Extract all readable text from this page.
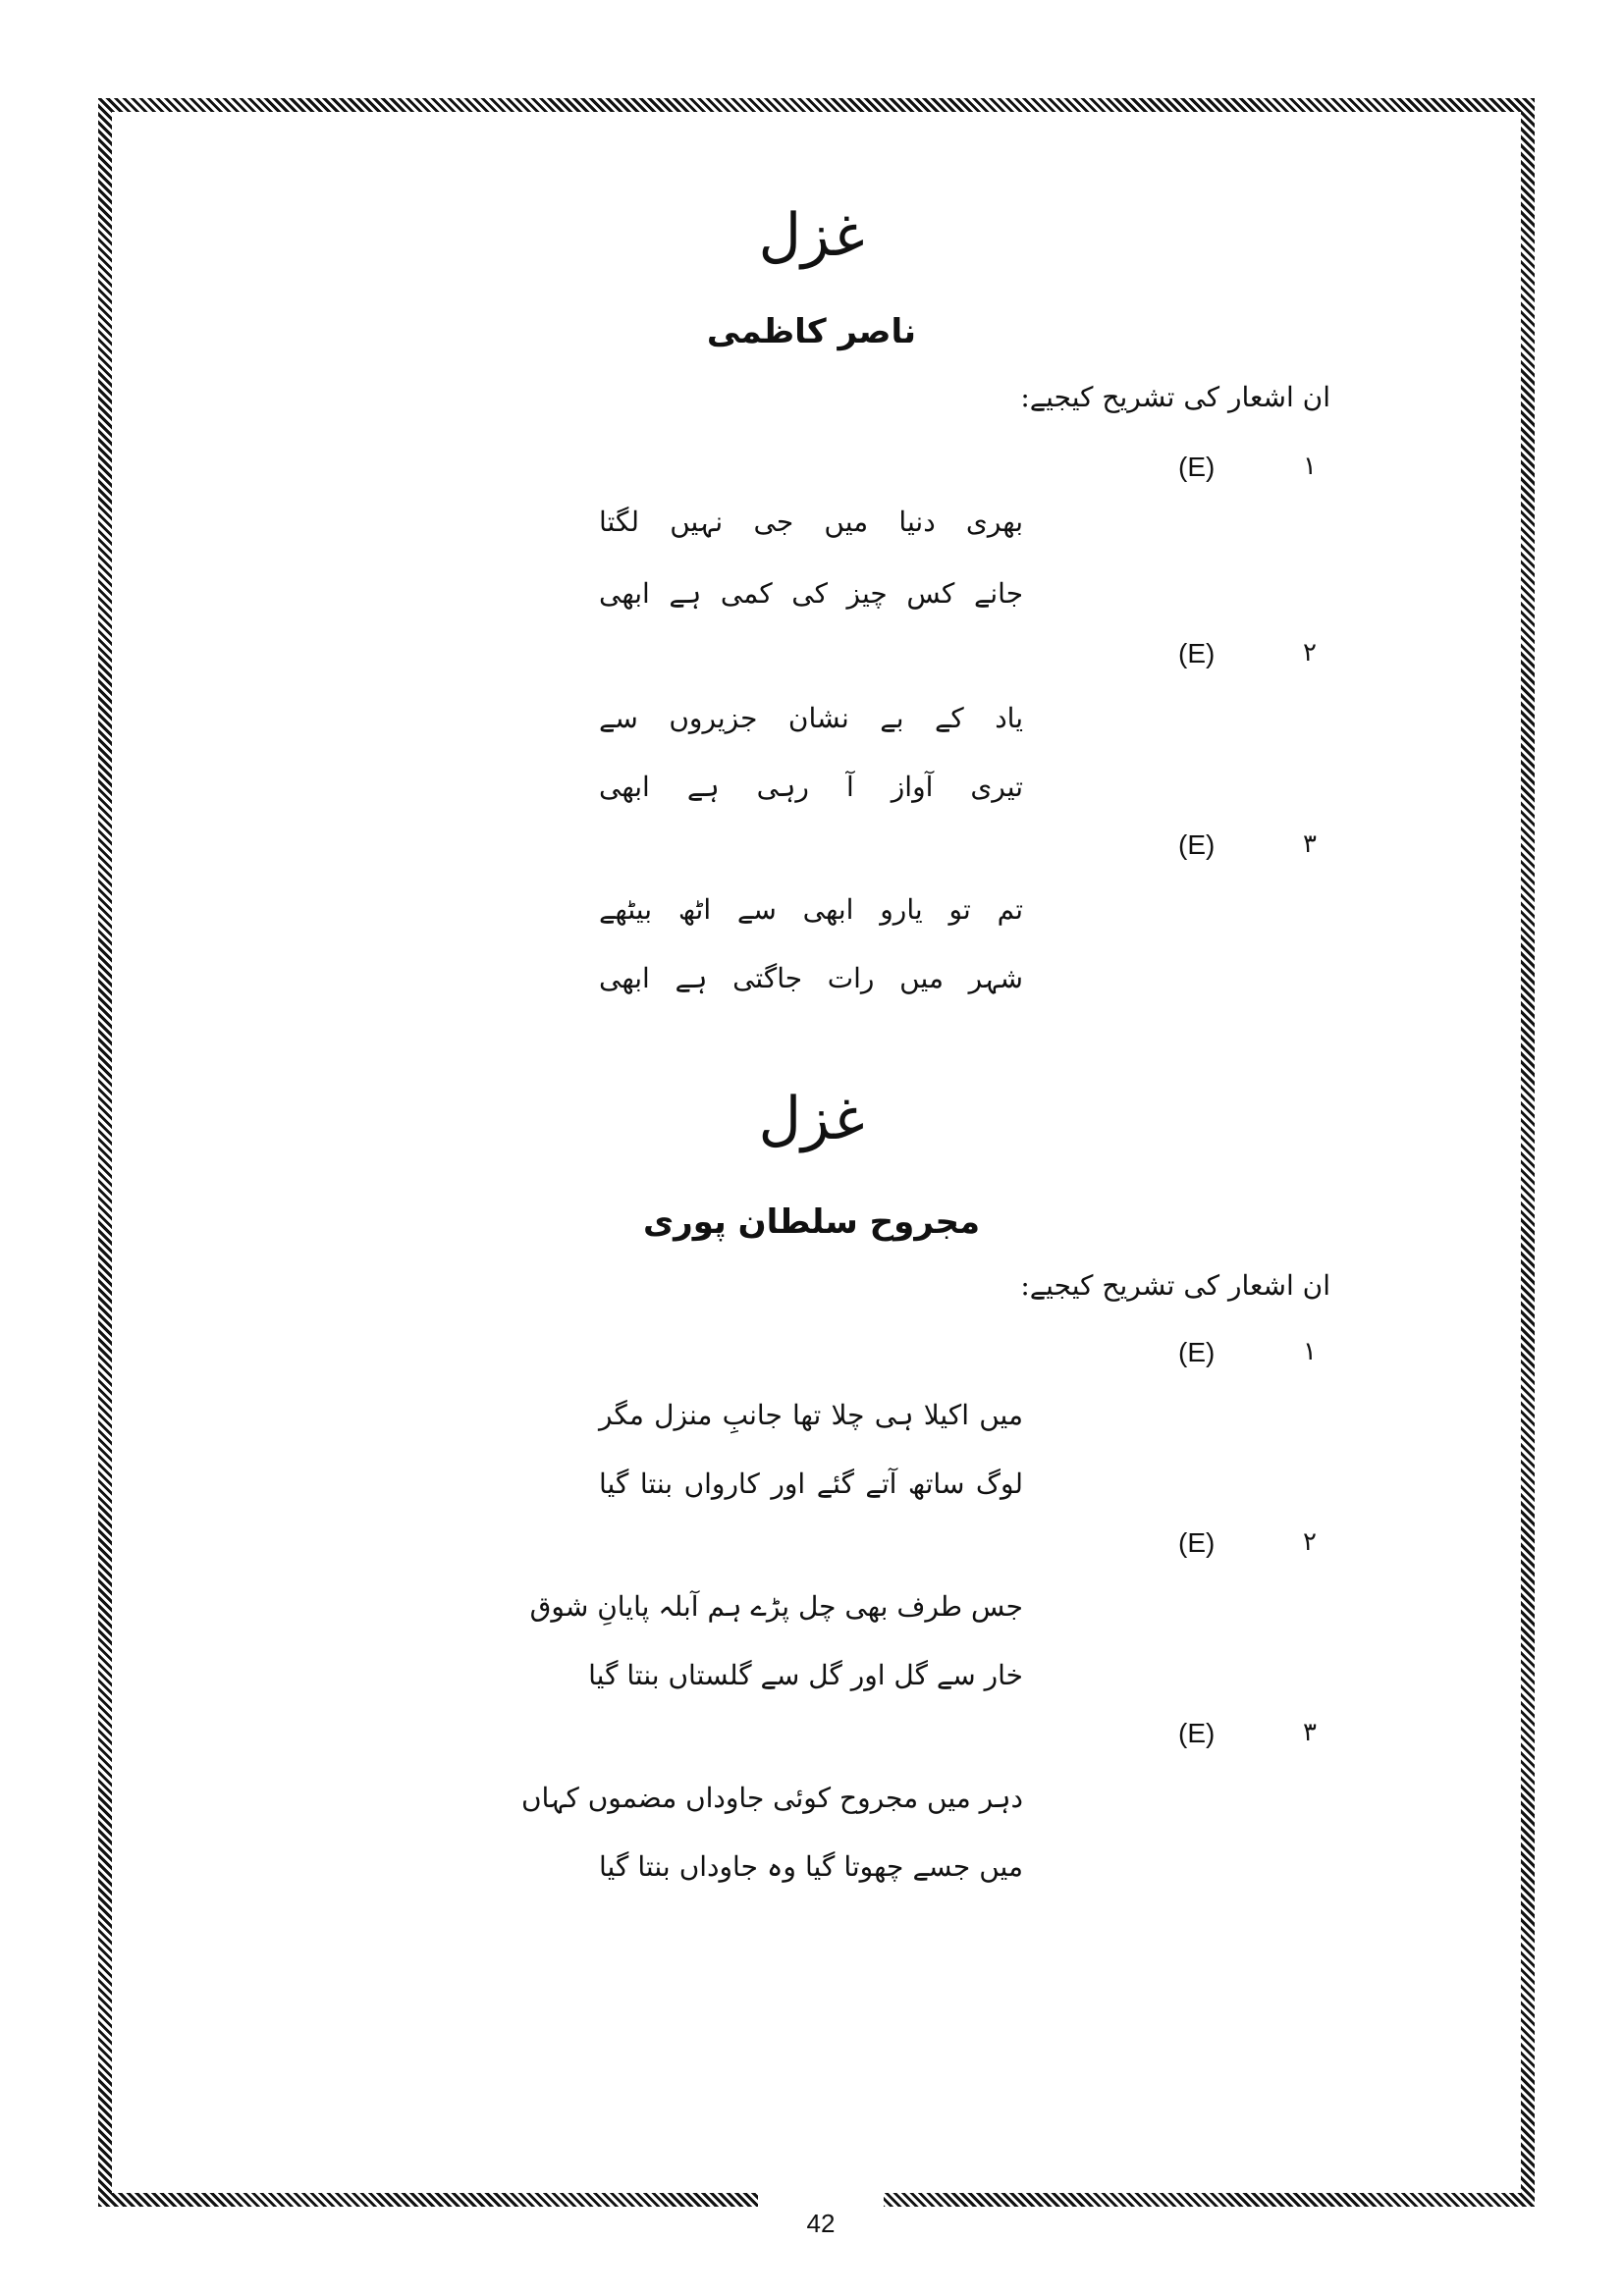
42
غزل
ناصر کاظمی
ان اشعار کی تشریح کیجیے:
۱
(E)
بھری دنیا میں جی نہیں لگتا
جانے کس چیز کی کمی ہے ابھی
۲
(E)
یاد کے بے نشان جزیروں سے
تیری آواز آ رہی ہے ابھی
۳
(E)
تم تو یارو ابھی سے اٹھ بیٹھے
شہر میں رات جاگتی ہے ابھی
غزل
مجروح سلطان پوری
ان اشعار کی تشریح کیجیے:
۱
(E)
میں اکیلا ہی چلا تھا جانبِ منزل مگر
لوگ ساتھ آتے گئے اور کارواں بنتا گیا
۲
(E)
جس طرف بھی چل پڑے ہم آبلہ پایانِ شوق
خار سے گل اور گل سے گلستاں بنتا گیا
۳
(E)
دہر میں مجروح کوئی جاوداں مضموں کہاں
میں جسے چھوتا گیا وہ جاوداں بنتا گیا
